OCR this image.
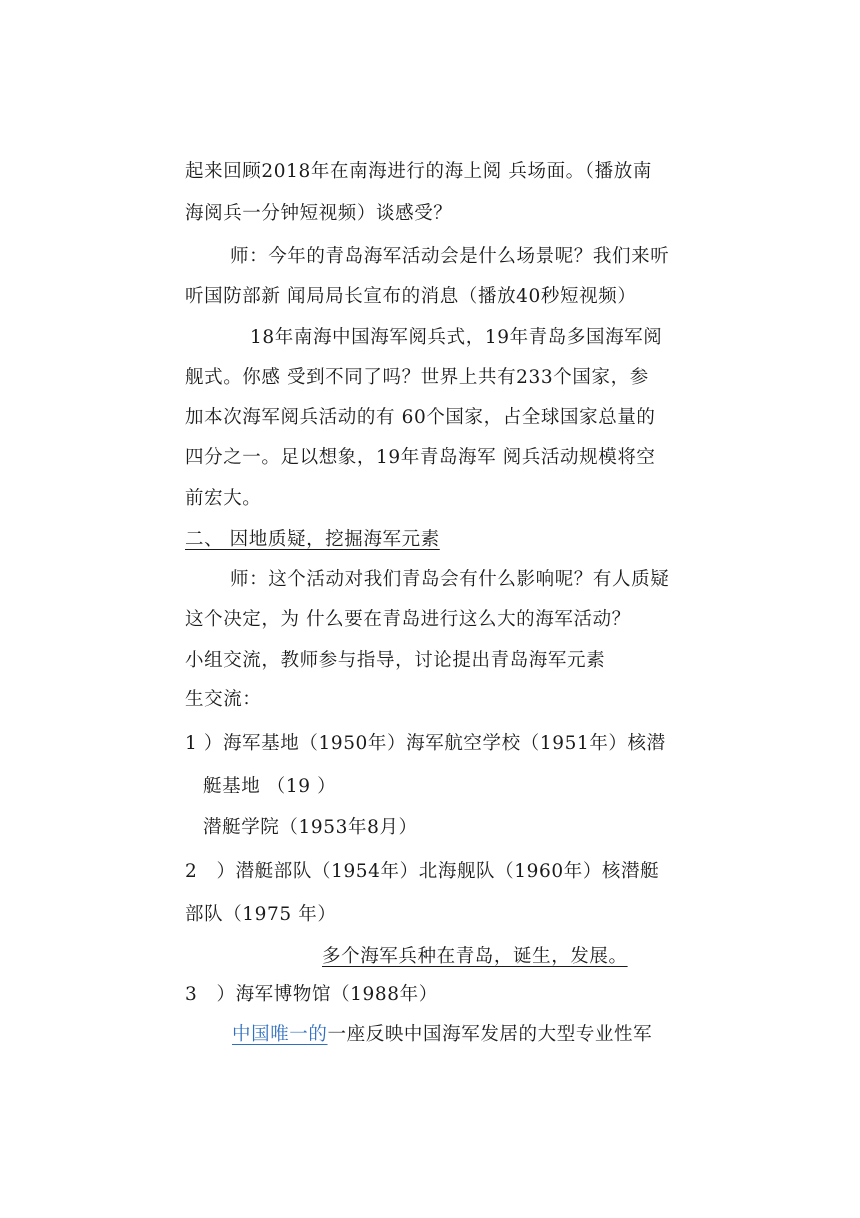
起来回顾2018年在南海进行的海上阅 兵场面。（播放南
海阅兵一分钟短视频）谈感受？
师：今年的青岛海军活动会是什么场景呢？我们来听
听国防部新 闻局局长宣布的消息（播放40秒短视频）
18年南海中国海军阅兵式，19年青岛多国海军阅
舰式。你感 受到不同了吗？世界上共有233个国家，参
加本次海军阅兵活动的有 60个国家，占全球国家总量的
四分之一。足以想象，19年青岛海军 阅兵活动规模将空
前宏大。
二、 因地质疑，挖掘海军元素
师：这个活动对我们青岛会有什么影响呢？有人质疑
这个决定，为 什么要在青岛进行这么大的海军活动？
小组交流，教师参与指导，讨论提出青岛海军元素
生交流：
1 ）海军基地（1950年）海军航空学校（1951年）核潜
艇基地 （19 ）
潜艇学院（1953年8月）
2　）潜艇部队（1954年）北海舰队（1960年）核潜艇
部队（1975 年）
多个海军兵种在青岛，诞生，发展。
3　）海军博物馆（1988年）
中国唯一的一座反映中国海军发居的大型专业性军
